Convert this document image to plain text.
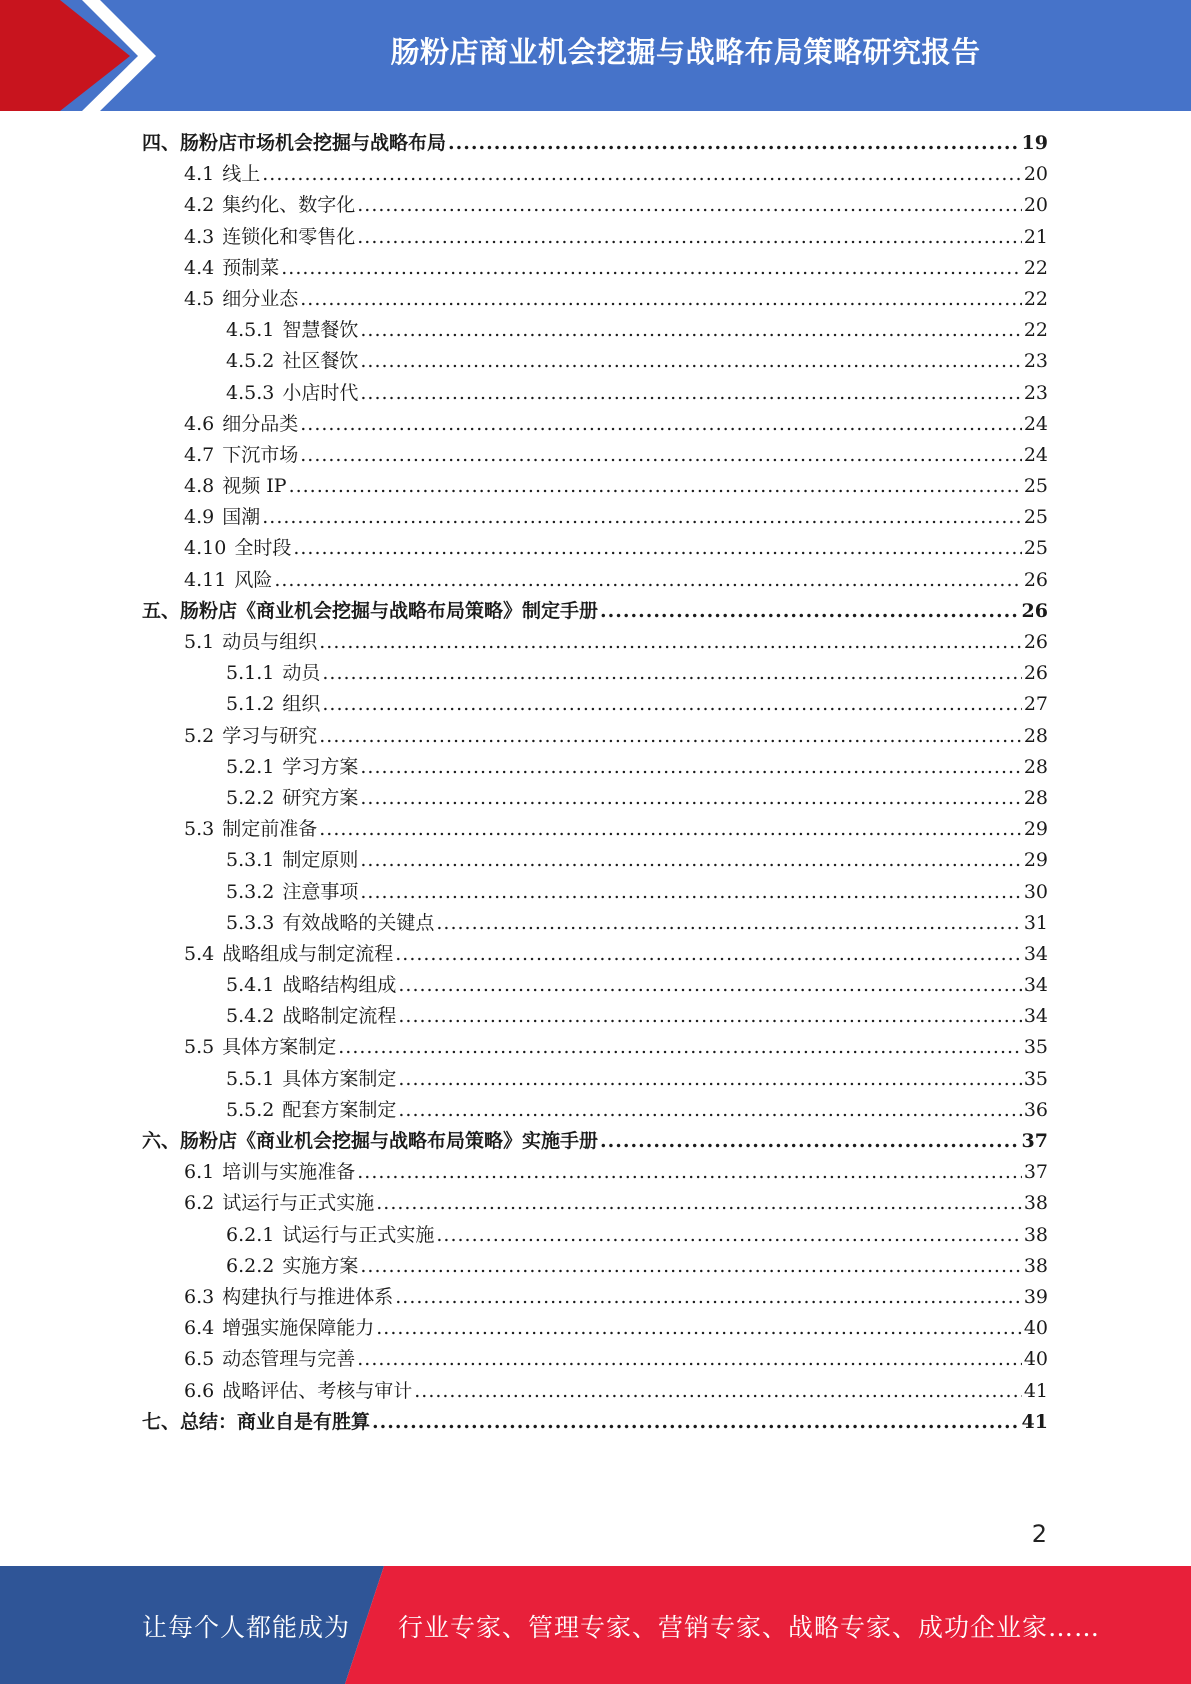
肠粉店商业机会挖掘与战略布局策略研究报告
四、肠粉店市场机会挖掘与战略布局 .....	19
4.1 线上 .....	20
4.2 集约化、数字化 .....	20
4.3 连锁化和零售化 .....	21
4.4 预制菜 .....	22
4.5 细分业态 .....	22
4.5.1 智慧餐饮 .....	22
4.5.2 社区餐饮 .....	23
4.5.3 小店时代 .....	23
4.6 细分品类 .....	24
4.7 下沉市场 .....	24
4.8 视频 IP .....	25
4.9 国潮 .....	25
4.10 全时段 .....	25
4.11 风险 .....	26
五、肠粉店《商业机会挖掘与战略布局策略》制定手册 .....	26
5.1 动员与组织 .....	26
5.1.1 动员 .....	26
5.1.2 组织 .....	27
5.2 学习与研究 .....	28
5.2.1 学习方案 .....	28
5.2.2 研究方案 .....	28
5.3 制定前准备 .....	29
5.3.1 制定原则 .....	29
5.3.2 注意事项 .....	30
5.3.3 有效战略的关键点 .....	31
5.4 战略组成与制定流程 .....	34
5.4.1 战略结构组成 .....	34
5.4.2 战略制定流程 .....	34
5.5 具体方案制定 .....	35
5.5.1 具体方案制定 .....	35
5.5.2 配套方案制定 .....	36
六、肠粉店《商业机会挖掘与战略布局策略》实施手册 .....	37
6.1 培训与实施准备 .....	37
6.2 试运行与正式实施 .....	38
6.2.1 试运行与正式实施 .....	38
6.2.2 实施方案 .....	38
6.3 构建执行与推进体系 .....	39
6.4 增强实施保障能力 .....	40
6.5 动态管理与完善 .....	40
6.6 战略评估、考核与审计 .....	41
七、总结：商业自是有胜算 .....	41
2
让每个人都能成为 行业专家、管理专家、营销专家、战略专家、成功企业家……
